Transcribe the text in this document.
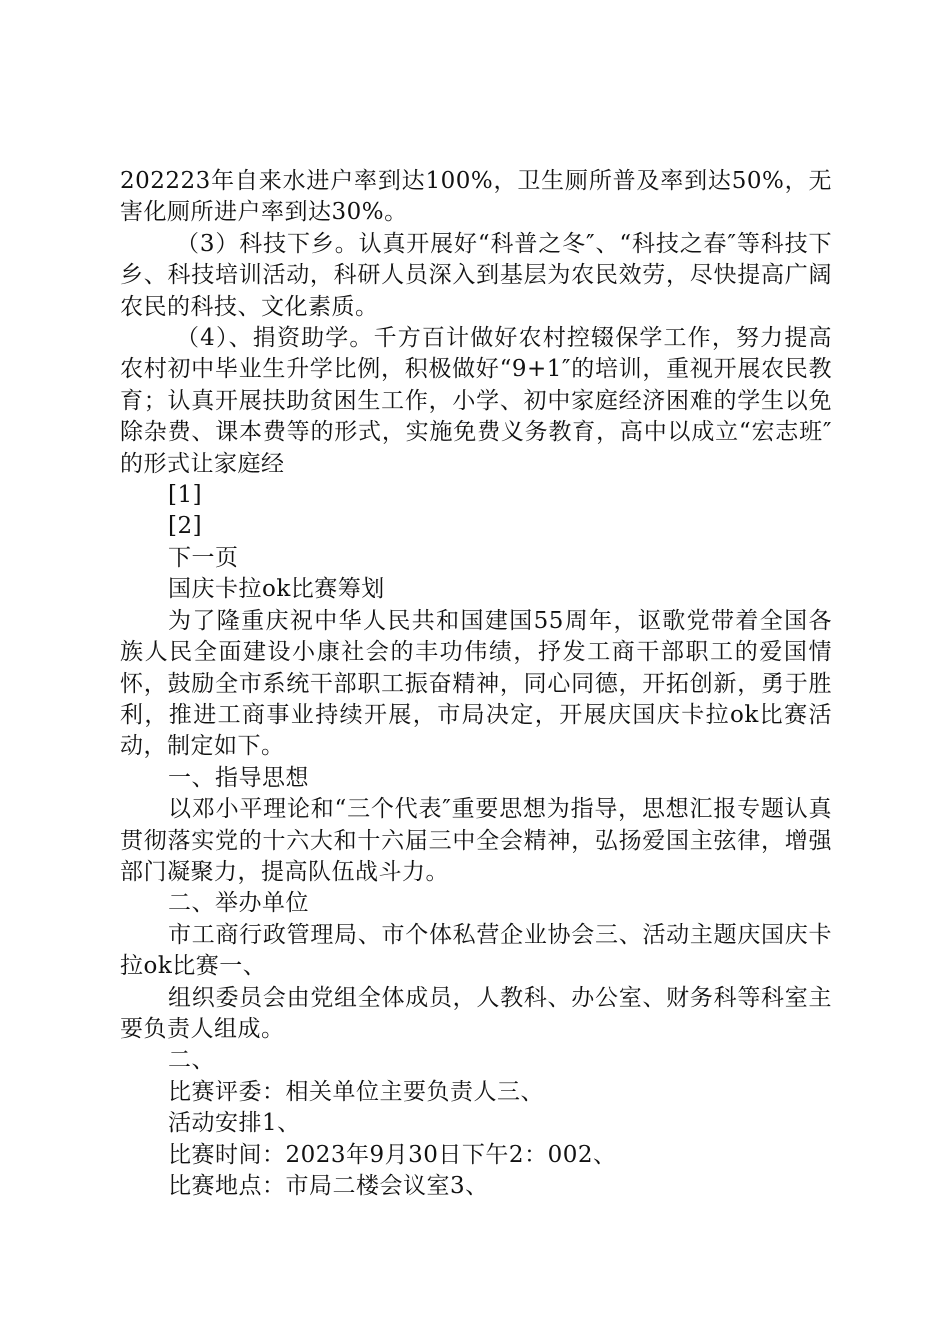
202223年自来水进户率到达100%，卫生厕所普及率到达50%，无害化厕所进户率到达30%。

（3）科技下乡。认真开展好“科普之冬″、“科技之春″等科技下乡、科技培训活动，科研人员深入到基层为农民效劳，尽快提高广阔农民的科技、文化素质。

（4）、捐资助学。千方百计做好农村控辍保学工作，努力提高农村初中毕业生升学比例，积极做好“9+1″的培训，重视开展农民教育；认真开展扶助贫困生工作，小学、初中家庭经济困难的学生以免除杂费、课本费等的形式，实施免费义务教育，高中以成立“宏志班″的形式让家庭经

[1]

[2]

下一页

国庆卡拉ok比赛筹划

为了隆重庆祝中华人民共和国建国55周年，讴歌党带着全国各族人民全面建设小康社会的丰功伟绩，抒发工商干部职工的爱国情怀，鼓励全市系统干部职工振奋精神，同心同德，开拓创新，勇于胜利，推进工商事业持续开展，市局决定，开展庆国庆卡拉ok比赛活动，制定如下。

一、指导思想

以邓小平理论和“三个代表″重要思想为指导，思想汇报专题认真贯彻落实党的十六大和十六届三中全会精神，弘扬爱国主弦律，增强部门凝聚力，提高队伍战斗力。

二、举办单位

市工商行政管理局、市个体私营企业协会三、活动主题庆国庆卡拉ok比赛一、

组织委员会由党组全体成员，人教科、办公室、财务科等科室主要负责人组成。

二、

比赛评委：相关单位主要负责人三、

活动安排1、

比赛时间：2023年9月30日下午2：002、

比赛地点：市局二楼会议室3、
